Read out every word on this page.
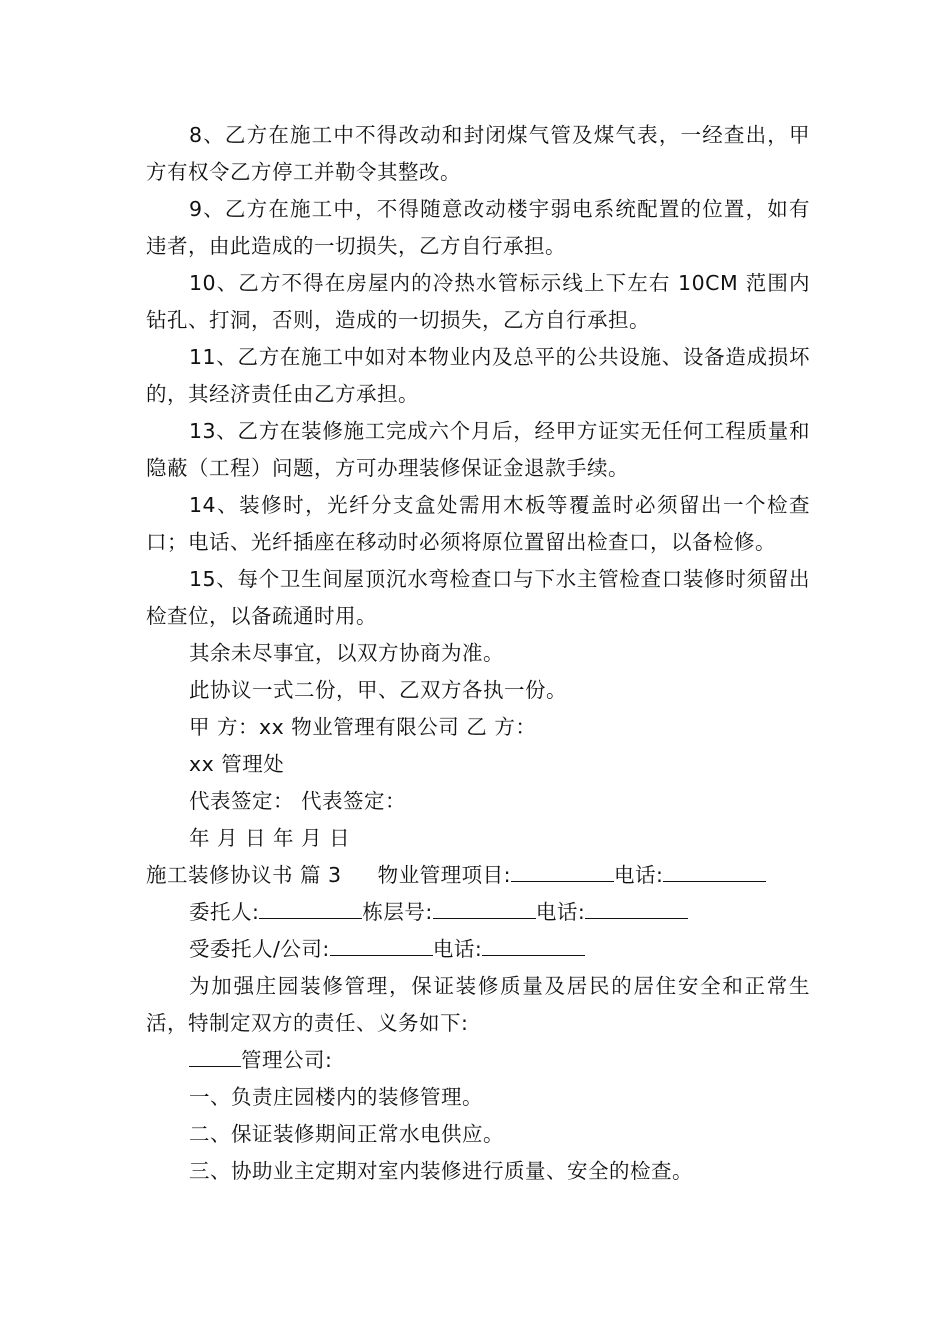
8、乙方在施工中不得改动和封闭煤气管及煤气表，一经查出，甲方有权令乙方停工并勒令其整改。

9、乙方在施工中，不得随意改动楼宇弱电系统配置的位置，如有违者，由此造成的一切损失，乙方自行承担。

10、乙方不得在房屋内的冷热水管标示线上下左右 10CM 范围内钻孔、打洞，否则，造成的一切损失，乙方自行承担。

11、乙方在施工中如对本物业内及总平的公共设施、设备造成损坏的，其经济责任由乙方承担。

13、乙方在装修施工完成六个月后，经甲方证实无任何工程质量和隐蔽（工程）问题，方可办理装修保证金退款手续。

14、装修时，光纤分支盒处需用木板等覆盖时必须留出一个检查口；电话、光纤插座在移动时必须将原位置留出检查口，以备检修。

15、每个卫生间屋顶沉水弯检查口与下水主管检查口装修时须留出检查位，以备疏通时用。

其余未尽事宜，以双方协商为准。

此协议一式二份，甲、乙双方各执一份。

甲 方：xx 物业管理有限公司 乙 方：

xx 管理处

代表签定： 代表签定：

年 月 日 年 月 日

施工装修协议书 篇 3 物业管理项目:	电话:

委托人:	栋层号:	电话:

受委托人/公司:	电话:

为加强庄园装修管理，保证装修质量及居民的居住安全和正常生活，特制定双方的责任、义务如下:

管理公司:

一、负责庄园楼内的装修管理。

二、保证装修期间正常水电供应。

三、协助业主定期对室内装修进行质量、安全的检查。
